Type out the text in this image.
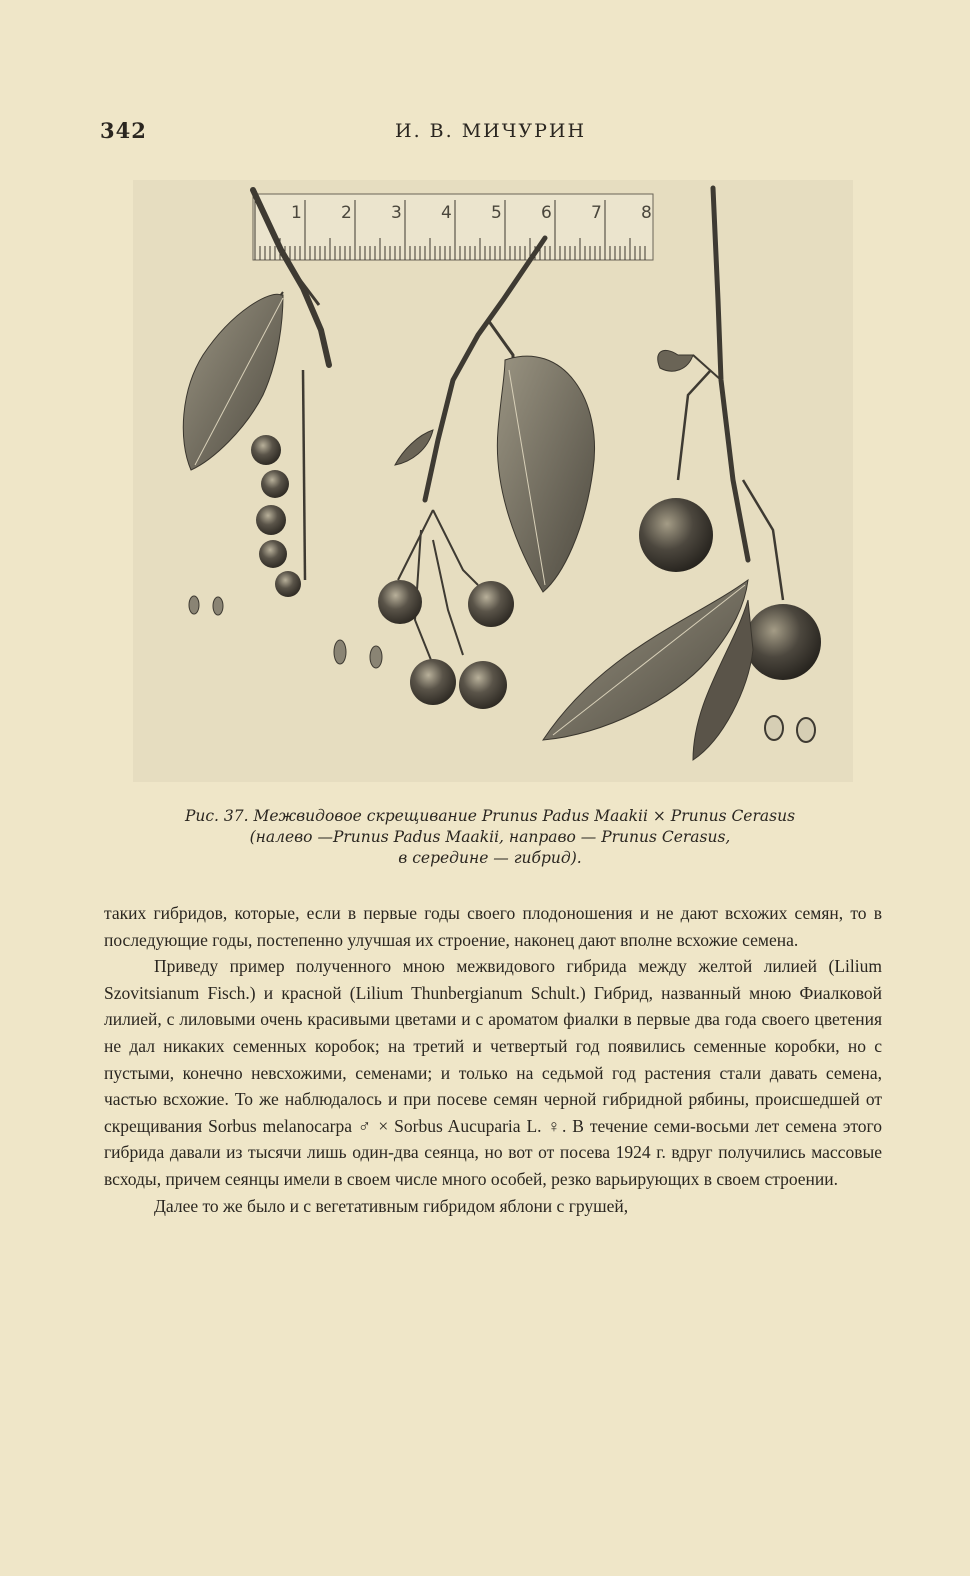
342	И. В. МИЧУРИН
1 2 3 4 5 6 7 8

Рис. 37. Межвидовое скрещивание Prunus Padus Maakii × Prunus Cerasus

(налево —Prunus Padus Maakii, направо — Prunus Cerasus,

в середине — гибрид).

таких гибридов, которые, если в первые годы своего плодоношения и не дают всхожих семян, то в последующие годы, постепенно улучшая их строение, наконец дают вполне всхожие семена.

Приведу пример полученного мною межвидового гибрида между желтой лилией (Lilium Szovitsianum Fisch.) и красной (Lilium Thunbergianum Schult.) Гибрид, названный мною Фиалковой лилией, с лиловыми очень красивыми цветами и с ароматом фиалки в первые два года своего цветения не дал никаких семенных коробок; на третий и четвертый год появились семенные коробки, но с пустыми, конечно невсхожими, семенами; и только на седьмой год растения стали давать семена, частью всхожие. То же наблюдалось и при посеве семян черной гибридной рябины, происшедшей от скрещивания Sorbus melanocarpa ♂ × Sorbus Aucuparia L. ♀. В течение семи-восьми лет семена этого гибрида давали из тысячи лишь один-два сеянца, но вот от посева 1924 г. вдруг получились массовые всходы, причем сеянцы имели в своем числе много особей, резко варьирующих в своем строении.

Далее то же было и с вегетативным гибридом яблони с грушей,
